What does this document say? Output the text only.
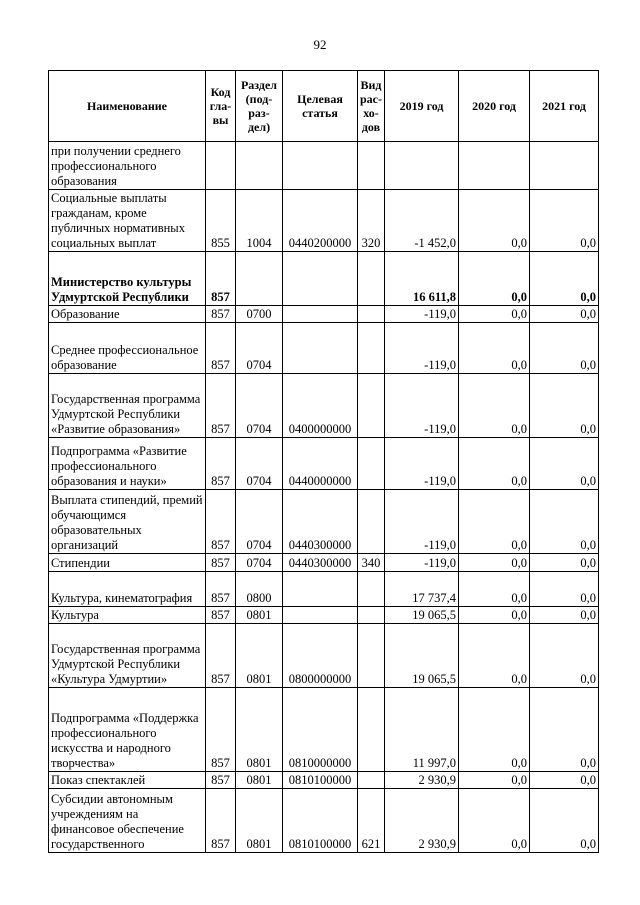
92
Наименование	Код гла- вы	Раздел (под- раз- дел)	Целевая статья	Вид рас- хо- дов	2019 год	2020 год	2021 год
при получении среднего профессионального образования							
Социальные выплаты гражданам, кроме публичных нормативных социальных выплат	855	1004	0440200000	320	-1 452,0	0,0	0,0
Министерство культуры Удмуртской Республики	857				16 611,8	0,0	0,0
Образование	857	0700			-119,0	0,0	0,0
Среднее профессиональное образование	857	0704			-119,0	0,0	0,0
Государственная программа Удмуртской Республики «Развитие образования»	857	0704	0400000000		-119,0	0,0	0,0
Подпрограмма «Развитие профессионального образования и науки»	857	0704	0440000000		-119,0	0,0	0,0
Выплата стипендий, премий обучающимся образовательных организаций	857	0704	0440300000		-119,0	0,0	0,0
Стипендии	857	0704	0440300000	340	-119,0	0,0	0,0
Культура, кинематография	857	0800			17 737,4	0,0	0,0
Культура	857	0801			19 065,5	0,0	0,0
Государственная программа Удмуртской Республики «Культура Удмуртии»	857	0801	0800000000		19 065,5	0,0	0,0
Подпрограмма «Поддержка профессионального искусства и народного творчества»	857	0801	0810000000		11 997,0	0,0	0,0
Показ спектаклей	857	0801	0810100000		2 930,9	0,0	0,0
Субсидии автономным учреждениям на финансовое обеспечение государственного	857	0801	0810100000	621	2 930,9	0,0	0,0
